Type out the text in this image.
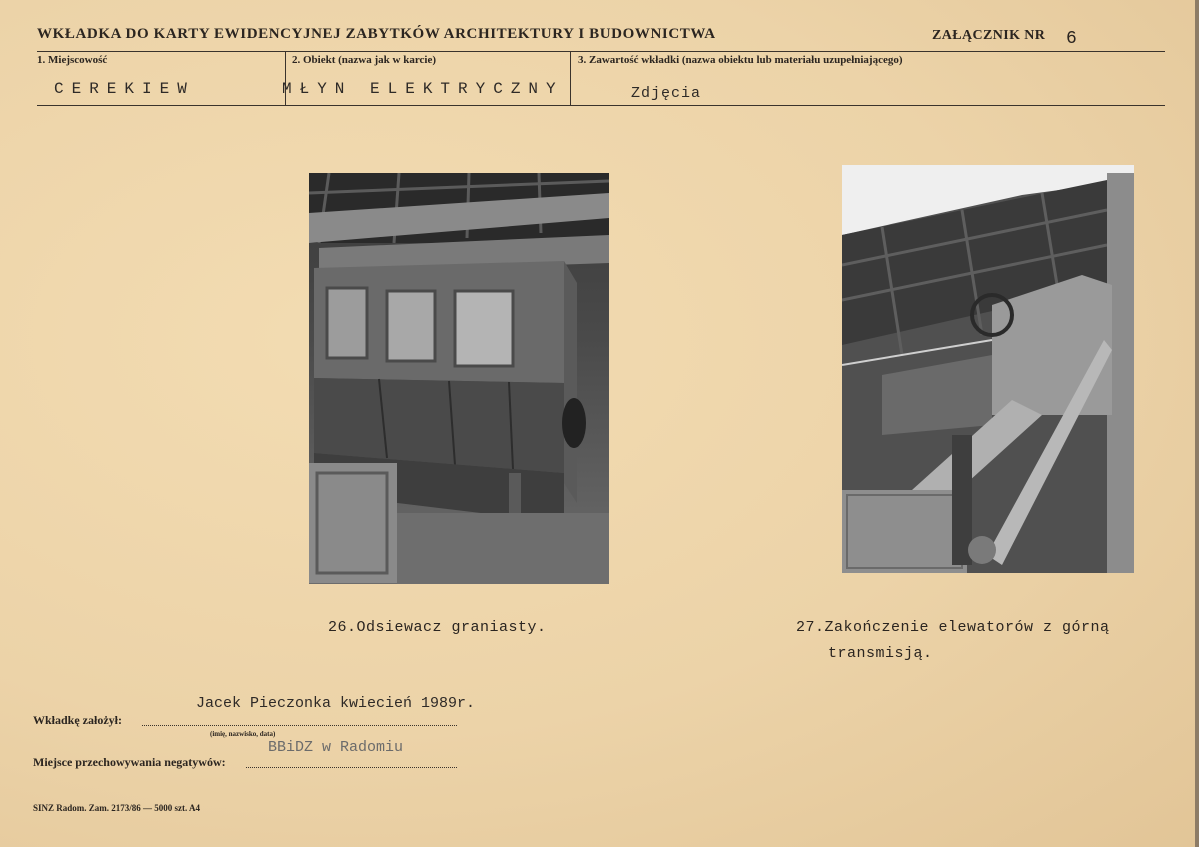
WKŁADKA DO KARTY EWIDENCYJNEJ ZABYTKÓW ARCHITEKTURY I BUDOWNICTWA	ZAŁĄCZNIK NR 6
1. Miejscowość	2. Obiekt (nazwa jak w karcie)	3. Zawartość wkładki (nazwa obiektu lub materiału uzupełniającego)
CEREKIEW	MŁYN ELEKTRYCZNY	Zdjęcia
26.Odsiewacz graniasty.	27.Zakończenie elewatorów z górną
transmisją.
Jacek Pieczonka kwiecień 1989r.
Wkładkę założył:
(imię, nazwisko, data)
BBiDZ w Radomiu
Miejsce przechowywania negatywów:
SINZ Radom. Zam. 2173/86 — 5000 szt. A4
